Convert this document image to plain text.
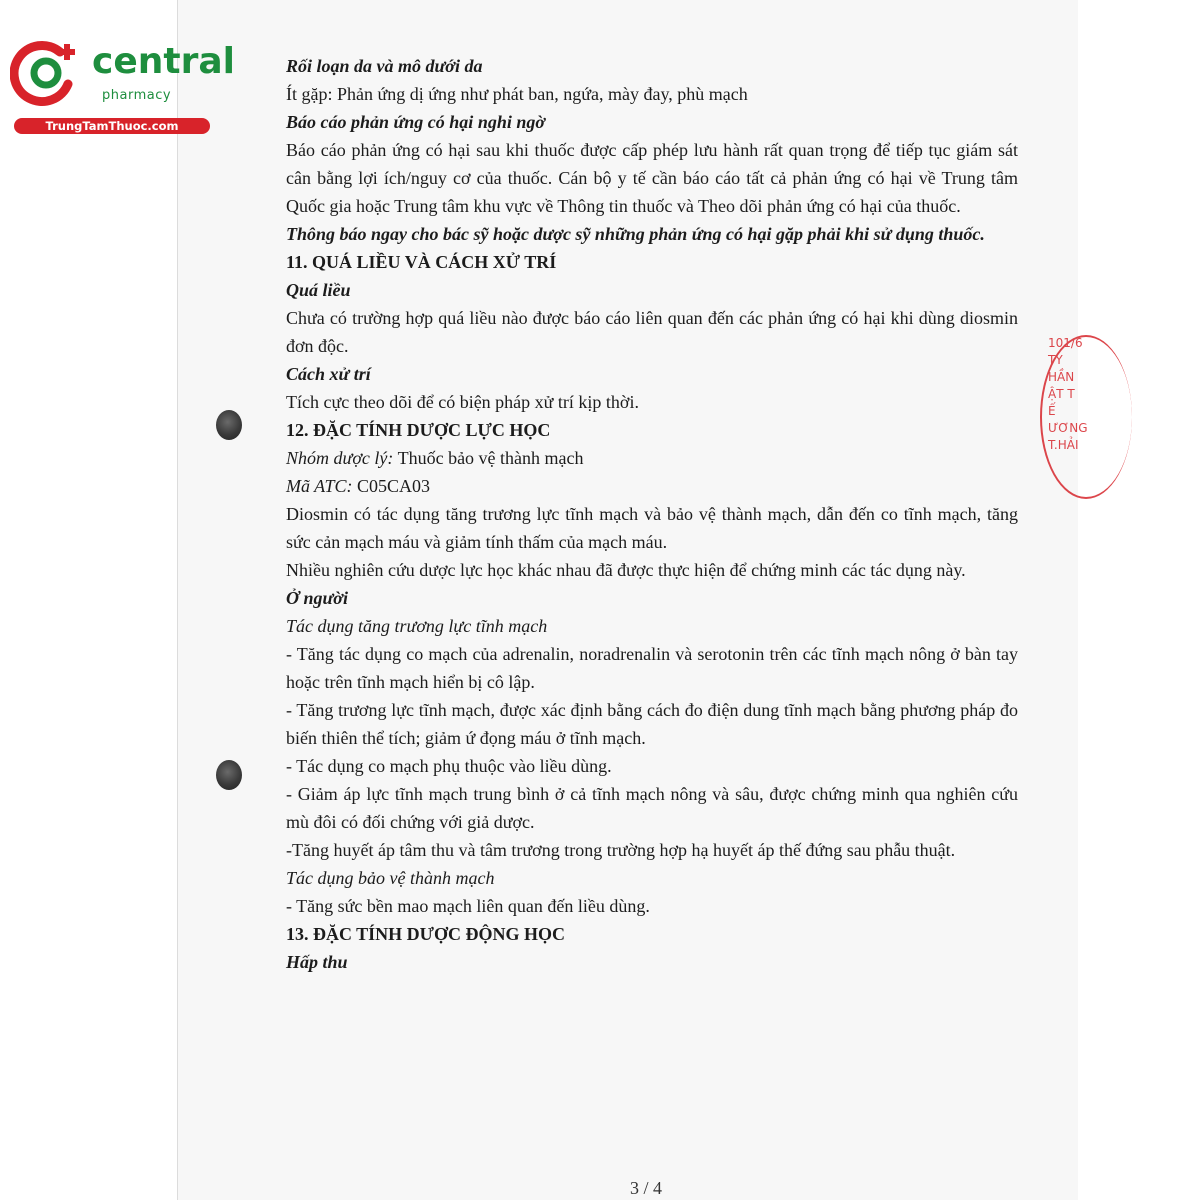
central
pharmacy
TrungTamThuoc.com
101/6
TY
HẦN
ẬT T
Ế
ƯƠNG
T.HẢI

Rối loạn da và mô dưới da

Ít gặp: Phản ứng dị ứng như phát ban, ngứa, mày đay, phù mạch

Báo cáo phản ứng có hại nghi ngờ

Báo cáo phản ứng có hại sau khi thuốc được cấp phép lưu hành rất quan trọng để tiếp tục giám sát cân bằng lợi ích/nguy cơ của thuốc. Cán bộ y tế cần báo cáo tất cả phản ứng có hại về Trung tâm Quốc gia hoặc Trung tâm khu vực về Thông tin thuốc và Theo dõi phản ứng có hại của thuốc.

Thông báo ngay cho bác sỹ hoặc dược sỹ những phản ứng có hại gặp phải khi sử dụng thuốc.

11. QUÁ LIỀU VÀ CÁCH XỬ TRÍ

Quá liều

Chưa có trường hợp quá liều nào được báo cáo liên quan đến các phản ứng có hại khi dùng diosmin đơn độc.

Cách xử trí

Tích cực theo dõi để có biện pháp xử trí kịp thời.

12. ĐẶC TÍNH DƯỢC LỰC HỌC

Nhóm dược lý: Thuốc bảo vệ thành mạch

Mã ATC: C05CA03

Diosmin có tác dụng tăng trương lực tĩnh mạch và bảo vệ thành mạch, dẫn đến co tĩnh mạch, tăng sức cản mạch máu và giảm tính thấm của mạch máu.

Nhiều nghiên cứu dược lực học khác nhau đã được thực hiện để chứng minh các tác dụng này.

Ở người

Tác dụng tăng trương lực tĩnh mạch

- Tăng tác dụng co mạch của adrenalin, noradrenalin và serotonin trên các tĩnh mạch nông ở bàn tay hoặc trên tĩnh mạch hiển bị cô lập.

- Tăng trương lực tĩnh mạch, được xác định bằng cách đo điện dung tĩnh mạch bằng phương pháp đo biến thiên thể tích; giảm ứ đọng máu ở tĩnh mạch.

- Tác dụng co mạch phụ thuộc vào liều dùng.

- Giảm áp lực tĩnh mạch trung bình ở cả tĩnh mạch nông và sâu, được chứng minh qua nghiên cứu mù đôi có đối chứng với giả dược.

-Tăng huyết áp tâm thu và tâm trương trong trường hợp hạ huyết áp thế đứng sau phẫu thuật.

Tác dụng bảo vệ thành mạch

- Tăng sức bền mao mạch liên quan đến liều dùng.

13. ĐẶC TÍNH DƯỢC ĐỘNG HỌC

Hấp thu

3 / 4
